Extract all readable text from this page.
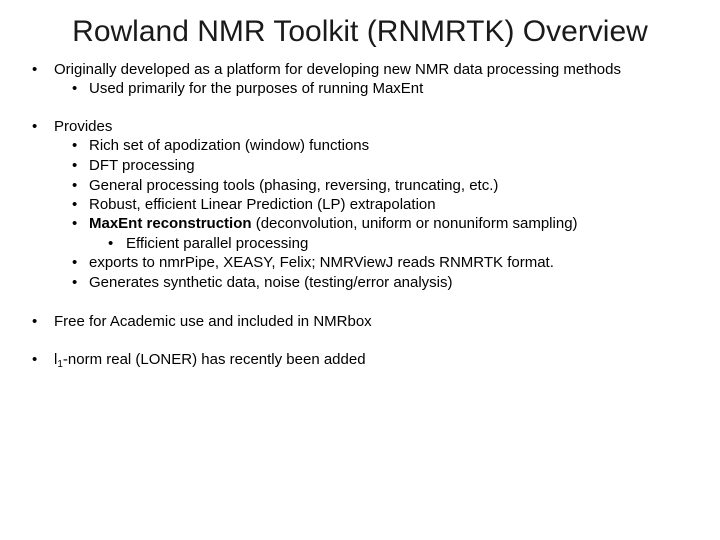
Rowland NMR Toolkit (RNMRTK) Overview
• Originally developed as a platform for developing new NMR data processing methods
• Used primarily for the purposes of running MaxEnt
• Provides
• Rich set of apodization (window) functions
• DFT processing
• General processing tools (phasing, reversing, truncating, etc.)
• Robust, efficient Linear Prediction (LP) extrapolation
• MaxEnt reconstruction (deconvolution, uniform or nonuniform sampling)
• Efficient parallel processing
• exports to nmrPipe, XEASY, Felix; NMRViewJ reads RNMRTK format.
• Generates synthetic data, noise (testing/error analysis)
• Free for Academic use and included in NMRbox
• $l_1$-norm real (LONER) has recently been added
